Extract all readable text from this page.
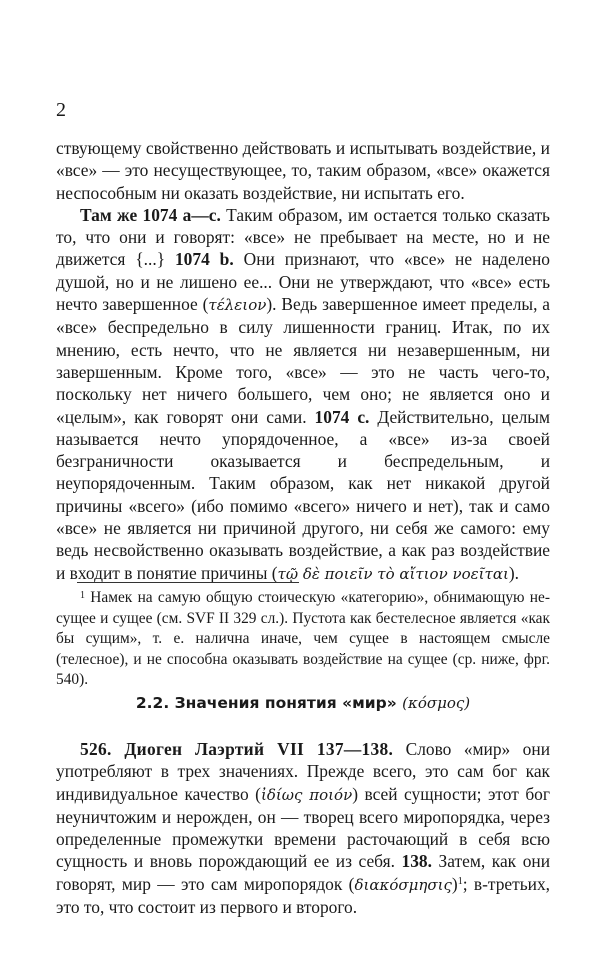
2

ствующему свойственно действовать и испытывать воздействие, и «все» — это несуществующее, то, таким образом, «все» окажется неспособным ни оказать воздействие, ни испытать его.

Там же 1074 a—c. Таким образом, им остается только сказать то, что они и говорят: «все» не пребывает на месте, но и не движется {...} 1074 b. Они признают, что «все» не наделено душой, но и не лишено ее... Они не утверждают, что «все» есть нечто завершенное (τέλειον). Ведь завершенное имеет пределы, а «все» беспредельно в силу лишенности границ. Итак, по их мнению, есть нечто, что не является ни незавершенным, ни завершенным. Кроме того, «все» — это не часть чего-то, поскольку нет ничего большего, чем оно; не является оно и «целым», как говорят они сами. 1074 c. Действительно, целым называется нечто упорядоченное, а «все» из-за своей безграничности оказывается и беспредельным, и неупорядоченным. Таким образом, как нет никакой другой причины «всего» (ибо помимо «всего» ничего и нет), так и само «все» не является ни причиной другого, ни себя же самого: ему ведь несвойственно оказывать воздействие, а как раз воздействие и входит в понятие причины (τῷ δὲ ποιεῖν τὸ αἴτιον νοεῖται).

$^1$ Намек на самую общую стоическую «категорию», обнимающую не-сущее и сущее (см. SVF II 329 сл.). Пустота как бестелесное является «как бы сущим», т. е. налична иначе, чем сущее в настоящем смысле (телесное), и не способна оказывать воздействие на сущее (ср. ниже, фрг. 540).

2.2. Значения понятия «мир» (κόσμος)

526. Диоген Лаэртий VII 137—138. Слово «мир» они употребляют в трех значениях. Прежде всего, это сам бог как индивидуальное качество (ἰδίως ποιόν) всей сущности; этот бог неуничтожим и нерожден, он — творец всего миропорядка, через определенные промежутки времени расточающий в себя всю сущность и вновь порождающий ее из себя. 138. Затем, как они говорят, мир — это сам миропорядок $(\delta\iota\alpha\kappa ό\sigma\mu\eta\sigma\iota\varsigma)^1$; в-третьих, это то, что состоит из первого и второго.
